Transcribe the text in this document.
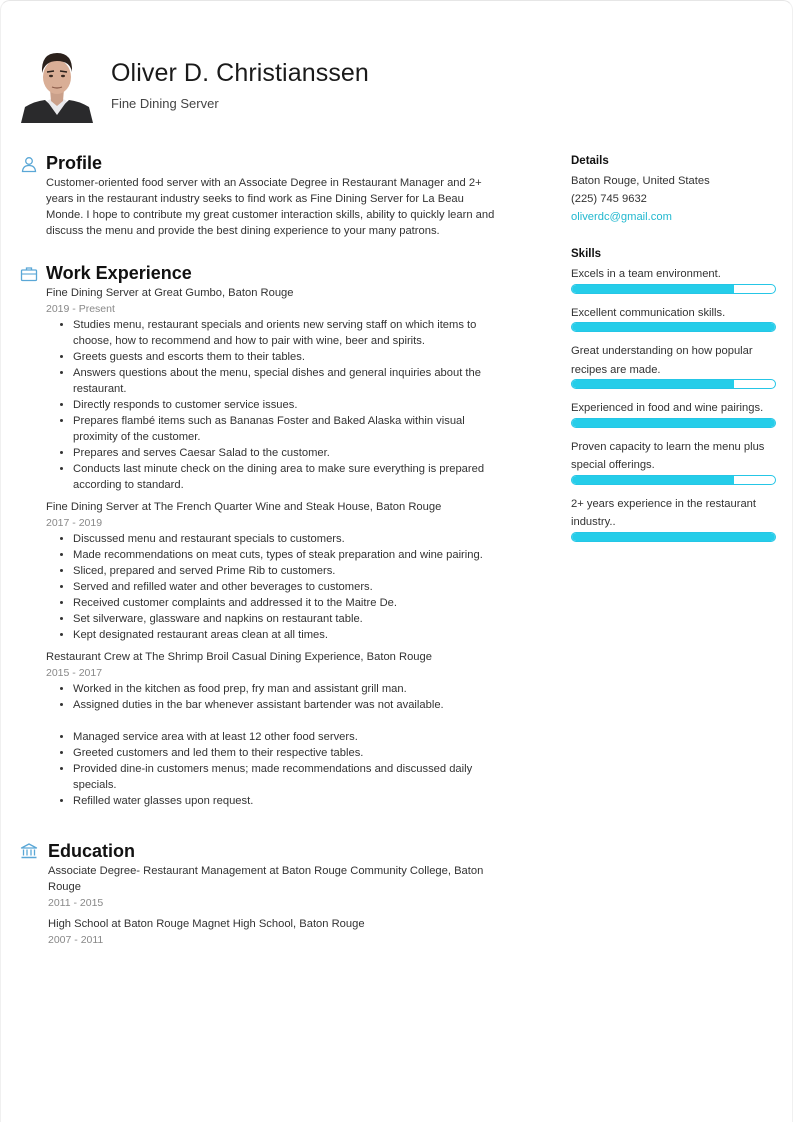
Oliver D. Christianssen
Fine Dining Server
Profile

Customer-oriented food server with an Associate Degree in Restaurant Manager and 2+ years in the restaurant industry seeks to find work as Fine Dining Server for La Beau Monde. I hope to contribute my great customer interaction skills, ability to quickly learn and discuss the menu and provide the best dining experience to your many patrons.

Work Experience
Fine Dining Server at Great Gumbo, Baton Rouge
2019 - Present
• Studies menu, restaurant specials and orients new serving staff on which items to choose, how to recommend and how to pair with wine, beer and spirits.
• Greets guests and escorts them to their tables.
• Answers questions about the menu, special dishes and general inquiries about the restaurant.
• Directly responds to customer service issues.
• Prepares flambé items such as Bananas Foster and Baked Alaska within visual proximity of the customer.
• Prepares and serves Caesar Salad to the customer.
• Conducts last minute check on the dining area to make sure everything is prepared according to standard.
Fine Dining Server at The French Quarter Wine and Steak House, Baton Rouge
2017 - 2019
• Discussed menu and restaurant specials to customers.
• Made recommendations on meat cuts, types of steak preparation and wine pairing.
• Sliced, prepared and served Prime Rib to customers.
• Served and refilled water and other beverages to customers.
• Received customer complaints and addressed it to the Maitre De.
• Set silverware, glassware and napkins on restaurant table.
• Kept designated restaurant areas clean at all times.
Restaurant Crew at The Shrimp Broil Casual Dining Experience, Baton Rouge
2015 - 2017
• Worked in the kitchen as food prep, fry man and assistant grill man.
• Assigned duties in the bar whenever assistant bartender was not available.
• Managed service area with at least 12 other food servers.
• Greeted customers and led them to their respective tables.
• Provided dine-in customers menus; made recommendations and discussed daily specials.
• Refilled water glasses upon request.
Education
Associate Degree- Restaurant Management at Baton Rouge Community College, Baton Rouge
2011 - 2015
High School at Baton Rouge Magnet High School, Baton Rouge
2007 - 2011
Details
Baton Rouge, United States
(225) 745 9632
oliverdc@gmail.com
Skills
Excels in a team environment.
Excellent communication skills.
Great understanding on how popular recipes are made.
Experienced in food and wine pairings.
Proven capacity to learn the menu plus special offerings.
2+ years experience in the restaurant industry..
